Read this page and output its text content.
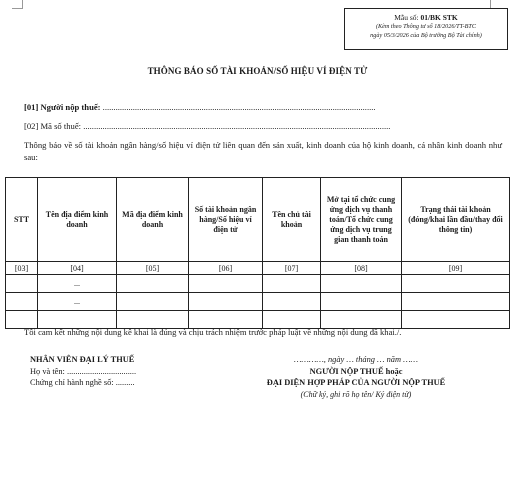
Mẫu số: 01/BK STK
(Kèm theo Thông tư số 18/2026/TT-BTC
ngày 05/3/2026 của Bộ trưởng Bộ Tài chính)
THÔNG BÁO SỐ TÀI KHOẢN/SỐ HIỆU VÍ ĐIỆN TỬ
[01] Người nộp thuế: ...............................................................................................................................
[02] Mã số thuế: ...............................................................................................................................................
Thông báo về số tài khoản ngân hàng/số hiệu ví điện tử liên quan đến sản xuất, kinh doanh của hộ kinh doanh, cá nhân kinh doanh như sau:
STT	Tên địa điểm kinh doanh	Mã địa điểm kinh doanh	Số tài khoản ngân hàng/Số hiệu ví điện tử	Tên chủ tài khoản	Mở tại tổ chức cung ứng dịch vụ thanh toán/Tổ chức cung ứng dịch vụ trung gian thanh toán	Trạng thái tài khoản (đóng/khai lần đầu/thay đổi thông tin)
[03]	[04]	[05]	[06]	[07]	[08]	[09]
	...					
	...					

Tôi cam kết những nội dung kê khai là đúng và chịu trách nhiệm trước pháp luật về những nội dung đã khai./.
NHÂN VIÊN ĐẠI LÝ THUẾ
Họ và tên: .................................
Chứng chỉ hành nghề số: .........
…………, ngày … tháng … năm ……
NGƯỜI NỘP THUẾ hoặc
ĐẠI DIỆN HỢP PHÁP CỦA NGƯỜI NỘP THUẾ
(Chữ ký, ghi rõ họ tên/ Ký điện tử)
